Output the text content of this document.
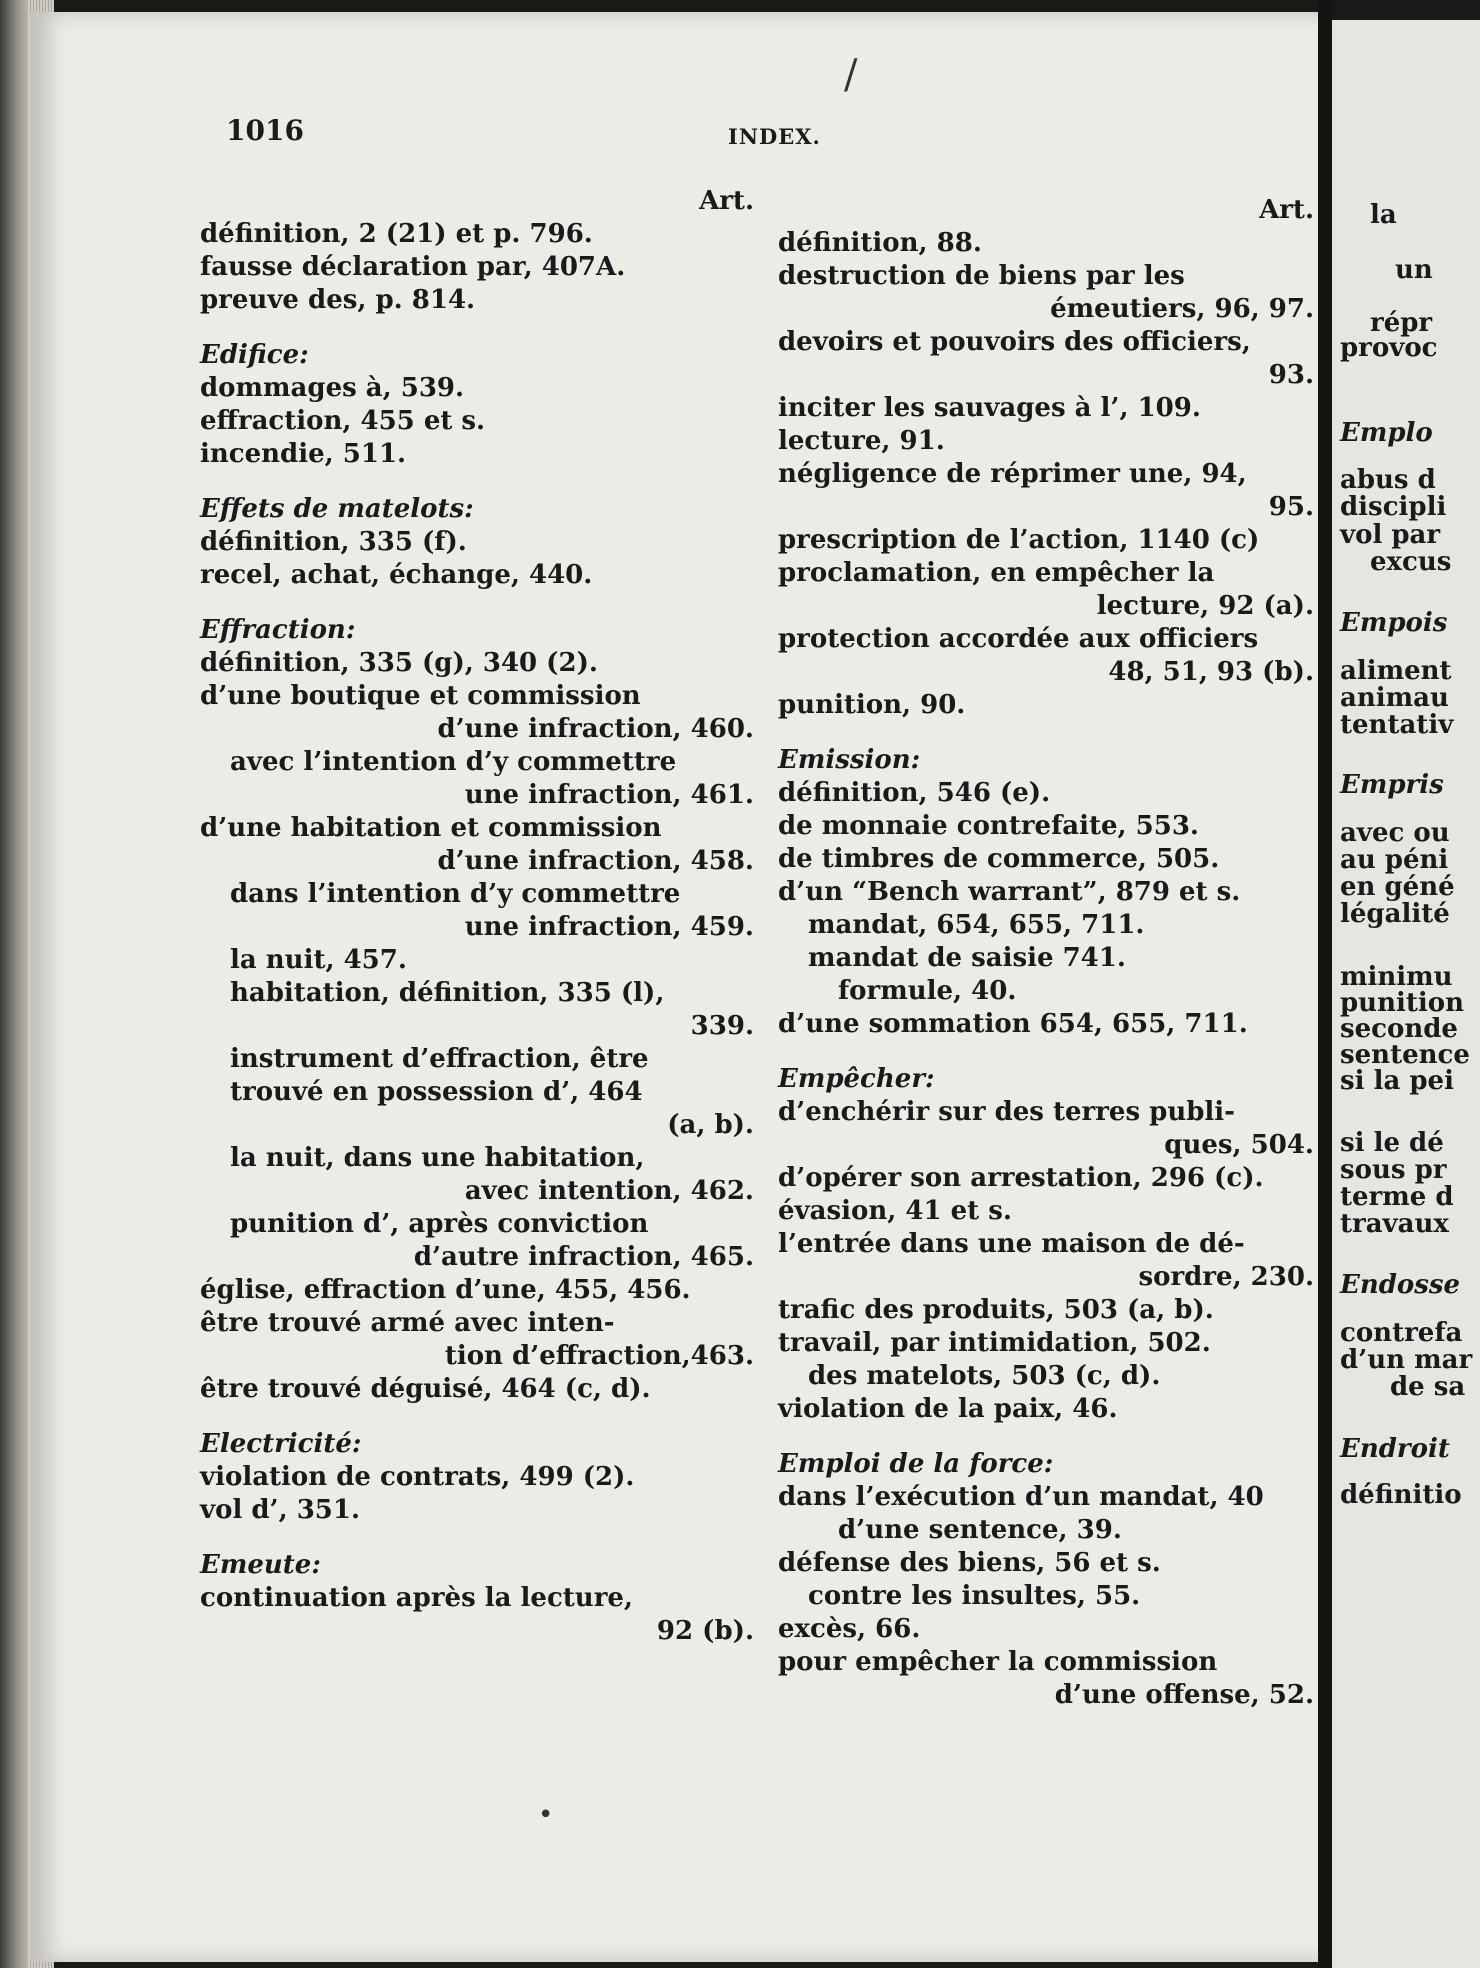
1016	INDEX.
Art.
définition, 2 (21) et p. 796.
fausse déclaration par, 407A.
preuve des, p. 814.
Edifice:
dommages à, 539.
effraction, 455 et s.
incendie, 511.
Effets de matelots:
définition, 335 (f).
recel, achat, échange, 440.
Effraction:
définition, 335 (g), 340 (2).
d’une boutique et commission
d’une infraction, 460.
avec l’intention d’y commettre
une infraction, 461.
d’une habitation et commission
d’une infraction, 458.
dans l’intention d’y commettre
une infraction, 459.
la nuit, 457.
habitation, définition, 335 (l),
339.
instrument d’effraction, être
trouvé en possession d’, 464
(a, b).
la nuit, dans une habitation,
avec intention, 462.
punition d’, après conviction
d’autre infraction, 465.
église, effraction d’une, 455, 456.
être trouvé armé avec inten-
tion d’effraction,463.
être trouvé déguisé, 464 (c, d).
Electricité:
violation de contrats, 499 (2).
vol d’, 351.
Emeute:
continuation après la lecture,
92 (b).
Art.
définition, 88.
destruction de biens par les
émeutiers, 96, 97.
devoirs et pouvoirs des officiers,
93.
inciter les sauvages à l’, 109.
lecture, 91.
négligence de réprimer une, 94,
95.
prescription de l’action, 1140 (c)
proclamation, en empêcher la
lecture, 92 (a).
protection accordée aux officiers
48, 51, 93 (b).
punition, 90.
Emission:
définition, 546 (e).
de monnaie contrefaite, 553.
de timbres de commerce, 505.
d’un “Bench warrant”, 879 et s.
mandat, 654, 655, 711.
mandat de saisie 741.
formule, 40.
d’une sommation 654, 655, 711.
Empêcher:
d’enchérir sur des terres publi-
ques, 504.
d’opérer son arrestation, 296 (c).
évasion, 41 et s.
l’entrée dans une maison de dé-
sordre, 230.
trafic des produits, 503 (a, b).
travail, par intimidation, 502.
des matelots, 503 (c, d).
violation de la paix, 46.
Emploi de la force:
dans l’exécution d’un mandat, 40
d’une sentence, 39.
défense des biens, 56 et s.
contre les insultes, 55.
excès, 66.
pour empêcher la commission
d’une offense, 52.
/
•
la
un
répr
provoc
Emplo
abus d
discipli
vol par
excus
Empois
aliment
animau
tentativ
Empris
avec ou
au péni
en géné
légalité
minimu
punition
seconde
sentence
si la pei
si le dé
sous pr
terme d
travaux
Endosse
contrefa
d’un mar
de sa
Endroit
définitio
